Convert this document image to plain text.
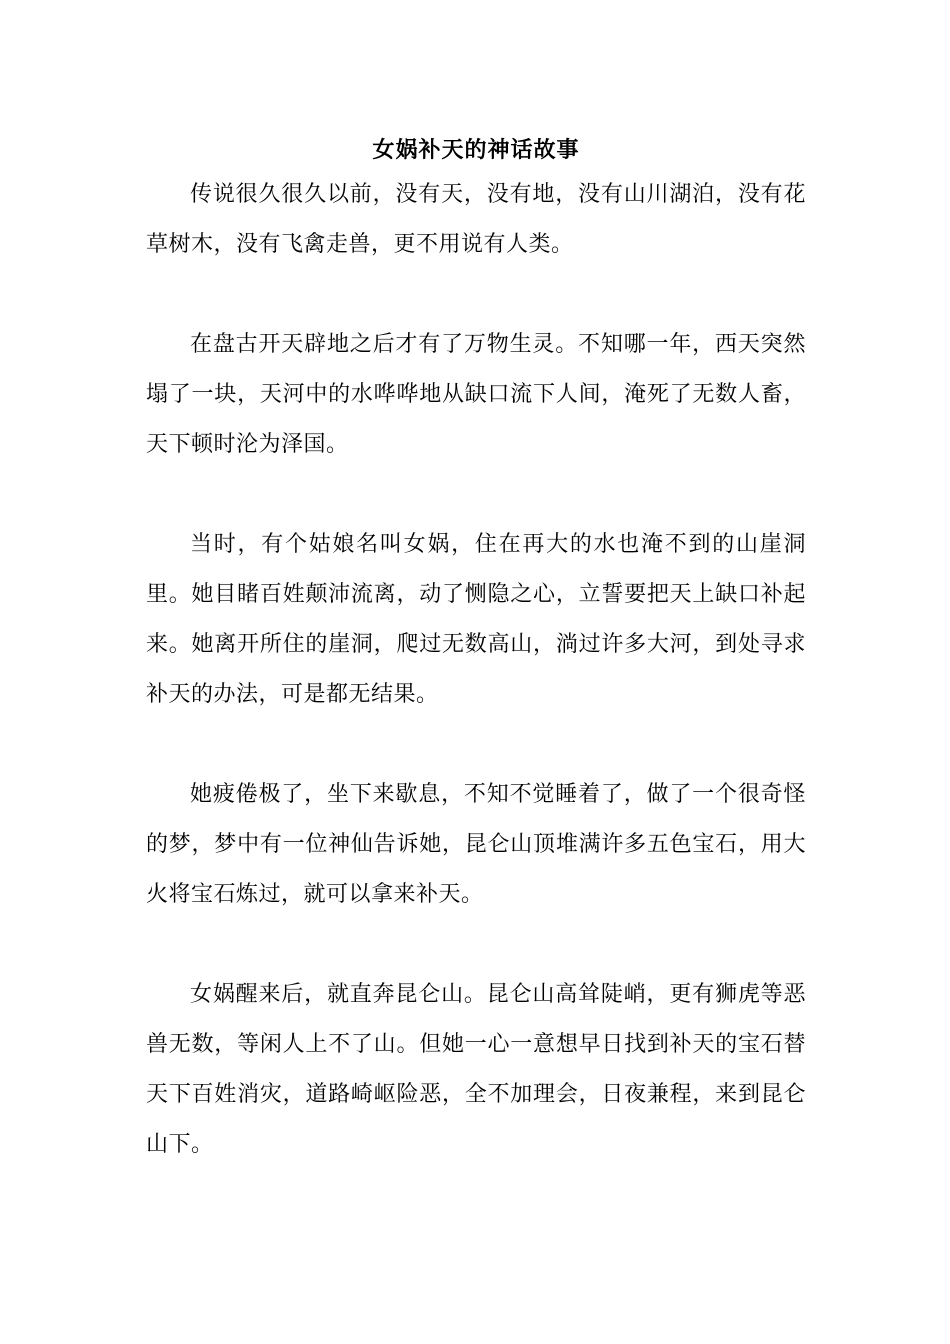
女娲补天的神话故事

传说很久很久以前，没有天，没有地，没有山川湖泊，没有花草树木，没有飞禽走兽，更不用说有人类。

在盘古开天辟地之后才有了万物生灵。不知哪一年，西天突然塌了一块，天河中的水哗哗地从缺口流下人间，淹死了无数人畜，天下顿时沦为泽国。

当时，有个姑娘名叫女娲，住在再大的水也淹不到的山崖洞里。她目睹百姓颠沛流离，动了恻隐之心，立誓要把天上缺口补起来。她离开所住的崖洞，爬过无数高山，淌过许多大河，到处寻求补天的办法，可是都无结果。

她疲倦极了，坐下来歇息，不知不觉睡着了，做了一个很奇怪的梦，梦中有一位神仙告诉她，昆仑山顶堆满许多五色宝石，用大火将宝石炼过，就可以拿来补天。

女娲醒来后，就直奔昆仑山。昆仑山高耸陡峭，更有狮虎等恶兽无数，等闲人上不了山。但她一心一意想早日找到补天的宝石替天下百姓消灾，道路崎岖险恶，全不加理会，日夜兼程，来到昆仑山下。
